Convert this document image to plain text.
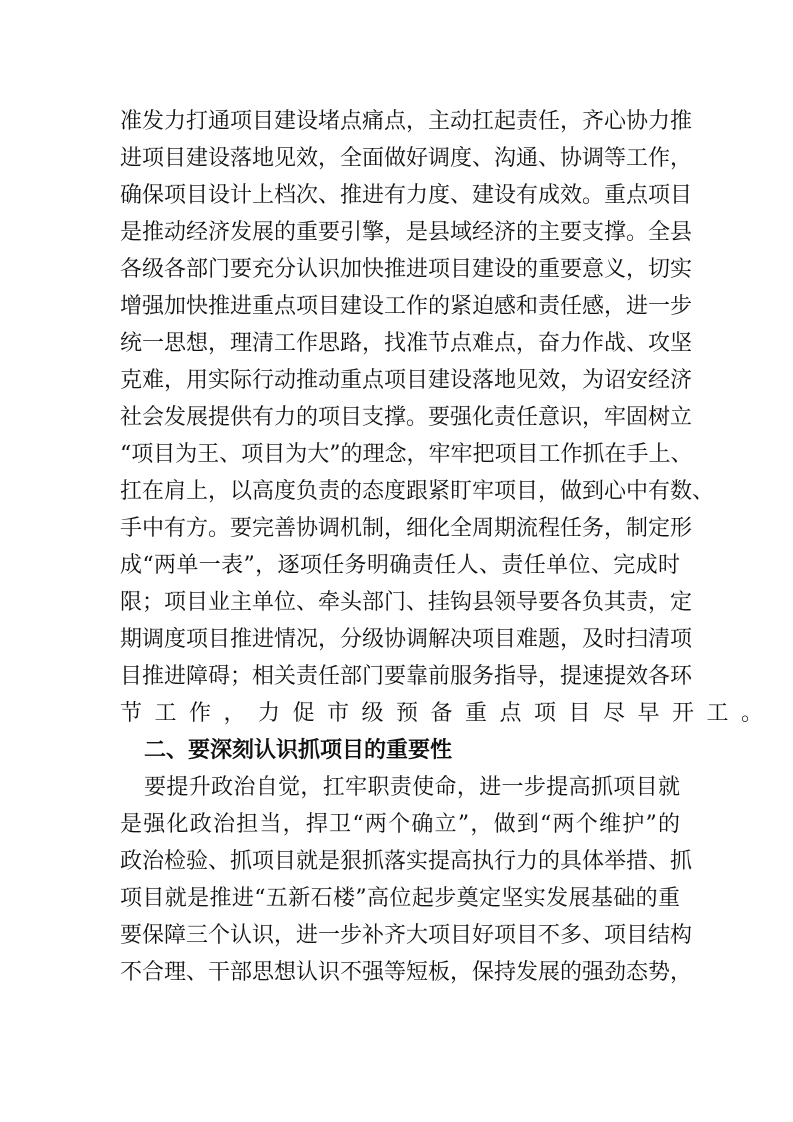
准发力打通项目建设堵点痛点，主动扛起责任，齐心协力推
进项目建设落地见效，全面做好调度、沟通、协调等工作，
确保项目设计上档次、推进有力度、建设有成效。重点项目
是推动经济发展的重要引擎，是县域经济的主要支撑。全县
各级各部门要充分认识加快推进项目建设的重要意义，切实
增强加快推进重点项目建设工作的紧迫感和责任感，进一步
统一思想，理清工作思路，找准节点难点，奋力作战、攻坚
克难，用实际行动推动重点项目建设落地见效，为诏安经济
社会发展提供有力的项目支撑。要强化责任意识，牢固树立
“项目为王、项目为大”的理念，牢牢把项目工作抓在手上、
扛在肩上，以高度负责的态度跟紧盯牢项目，做到心中有数、
手中有方。要完善协调机制，细化全周期流程任务，制定形
成“两单一表”，逐项任务明确责任人、责任单位、完成时
限；项目业主单位、牵头部门、挂钩县领导要各负其责，定
期调度项目推进情况，分级协调解决项目难题，及时扫清项
目推进障碍；相关责任部门要靠前服务指导，提速提效各环
节工作，力促市级预备重点项目尽早开工。
二、要深刻认识抓项目的重要性
要提升政治自觉，扛牢职责使命，进一步提高抓项目就
是强化政治担当，捍卫“两个确立”，做到“两个维护”的
政治检验、抓项目就是狠抓落实提高执行力的具体举措、抓
项目就是推进“五新石楼”高位起步奠定坚实发展基础的重
要保障三个认识，进一步补齐大项目好项目不多、项目结构
不合理、干部思想认识不强等短板，保持发展的强劲态势，
